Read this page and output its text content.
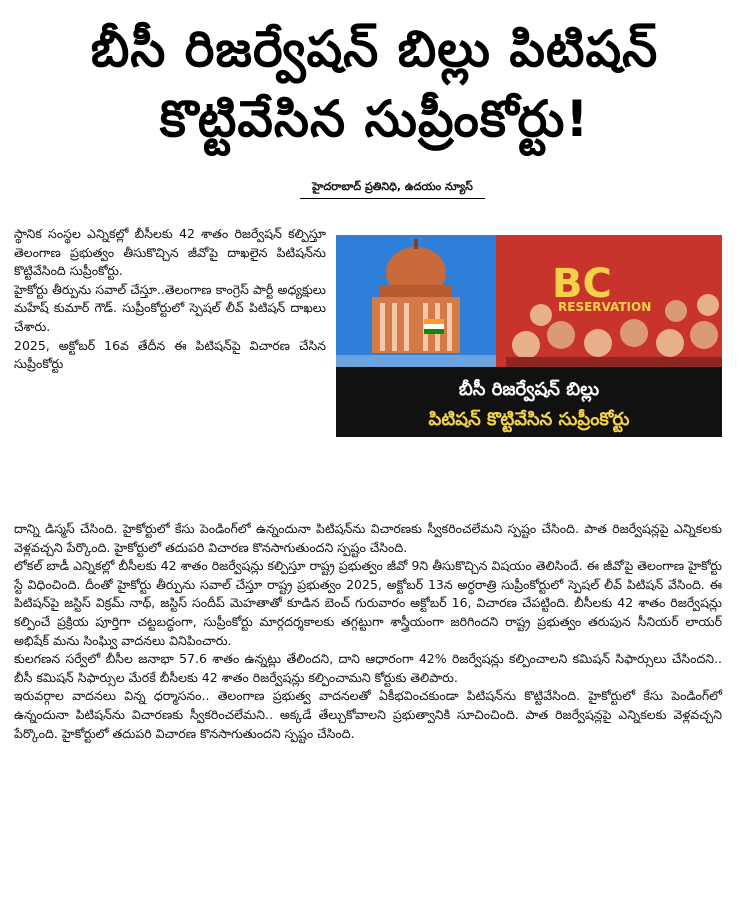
బీసీ రిజర్వేషన్ బిల్లు పిటిషన్
కొట్టివేసిన సుప్రీంకోర్టు!
హైదరాబాద్ ప్రతినిధి, ఉదయం న్యూస్

స్థానిక సంస్థల ఎన్నికల్లో బీసీలకు 42 శాతం రిజర్వేషన్ కల్పిస్తూ తెలంగాణ ప్రభుత్వం తీసుకొచ్చిన జీవోపై దాఖలైన పిటిషన్‌ను కొట్టివేసింది సుప్రీంకోర్టు.

హైకోర్టు తీర్పును సవాల్ చేస్తూ..తెలంగాణ కాంగ్రెస్ పార్టీ అధ్యక్షులు మహేష్ కుమార్ గౌడ్. సుప్రీంకోర్టులో స్పెషల్ లీవ్ పిటిషన్ దాఖలు చేశారు.

2025, అక్టోబర్ 16వ తేదీన ఈ పిటిషన్‌పై విచారణ చేసిన సుప్రీంకోర్టు

BC
RESERVATION
బీసీ రిజర్వేషన్ బిల్లు
పిటిషన్ కొట్టివేసిన సుప్రీంకోర్టు

దాన్ని డిస్మస్ చేసింది. హైకోర్టులో కేసు పెండింగ్‌లో ఉన్నందునా పిటిషన్‌ను విచారణకు స్వీకరించలేమని స్పష్టం చేసింది. పాత రిజర్వేషన్లపై ఎన్నికలకు వెళ్లవచ్చని పేర్కొంది. హైకోర్టులో తదుపరి విచారణ కొనసాగుతుందని స్పష్టం చేసింది.

లోకల్ బాడీ ఎన్నికల్లో బీసీలకు 42 శాతం రిజర్వేషన్లు కల్పిస్తూ రాష్ట్ర ప్రభుత్వం జీవో 9ని తీసుకొచ్చిన విషయం తెలిసిందే. ఈ జీవోపై తెలంగాణ హైకోర్టు స్టే విధించింది. దీంతో హైకోర్టు తీర్పును సవాల్ చేస్తూ రాష్ట్ర ప్రభుత్వం 2025, అక్టోబర్ 13న అర్ధరాత్రి సుప్రీంకోర్టులో స్పెషల్ లీవ్ పిటిషన్ వేసింది. ఈ పిటిషన్‌పై జస్టిస్ విక్రమ్ నాథ్, జస్టిస్ సందీప్ మెహతాతో కూడిన బెంచ్ గురువారం అక్టోబర్ 16, విచారణ చేపట్టింది. బీసీలకు 42 శాతం రిజర్వేషన్లు కల్పించే ప్రక్రియ పూర్తిగా చట్టబద్ధంగా, సుప్రీంకోర్టు మార్గదర్శకాలకు తగ్గట్టుగా శాస్త్రీయంగా జరిగిందని రాష్ట్ర ప్రభుత్వం తరుపున సీనియర్ లాయర్ అభిషేక్ మను సింఘ్వి వాదనలు వినిపించారు.

కులగణన సర్వేలో బీసీల జనాభా 57.6 శాతం ఉన్నట్లు తేలిందని, దాని ఆధారంగా 42% రిజర్వేషన్లు కల్పించాలని కమిషన్ సిఫార్సులు చేసిందని.. బీసీ కమిషన్ సిఫార్సుల మేరకే బీసీలకు 42 శాతం రిజర్వేషన్లు కల్పించామని కోర్టుకు తెలిపారు.

ఇరువర్గాల వాదనలు విన్న ధర్మాసనం.. తెలంగాణ ప్రభుత్వ వాదనలతో ఏకీభవించకుండా పిటిషన్‌ను కొట్టివేసింది. హైకోర్టులో కేసు పెండింగ్‌లో ఉన్నందునా పిటిషన్‌ను విచారణకు స్వీకరించలేమని.. అక్కడే తేల్చుకోవాలని ప్రభుత్వానికి సూచించింది. పాత రిజర్వేషన్లపై ఎన్నికలకు వెళ్లవచ్చని పేర్కొంది. హైకోర్టులో తదుపరి విచారణ కొనసాగుతుందని స్పష్టం చేసింది.
